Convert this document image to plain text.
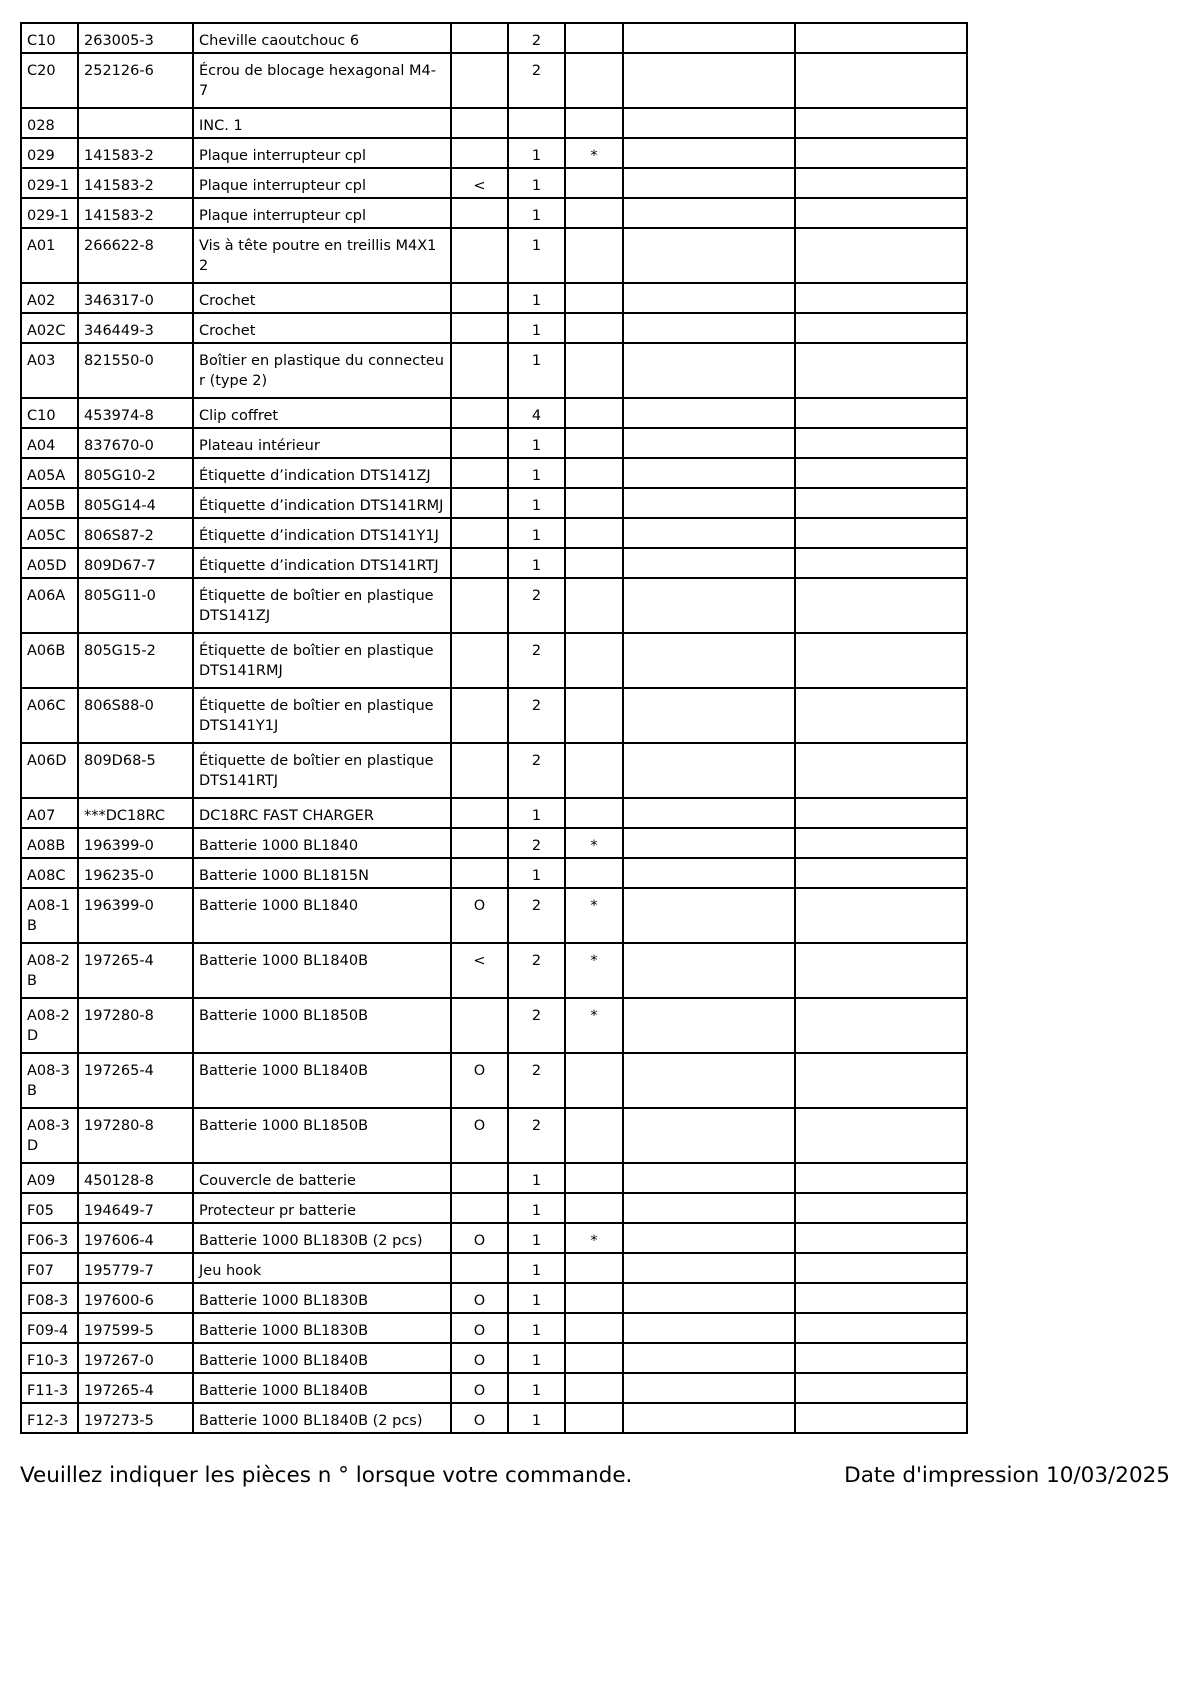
C10	263005-3	Cheville caoutchouc 6		2			
C20	252126-6	Écrou de blocage hexagonal M4-7		2			
028		INC. 1					
029	141583-2	Plaque interrupteur cpl		1	*		
029-1	141583-2	Plaque interrupteur cpl	<	1			
029-1	141583-2	Plaque interrupteur cpl		1			
A01	266622-8	Vis à tête poutre en treillis M4X12		1			
A02	346317-0	Crochet		1			
A02C	346449-3	Crochet		1			
A03	821550-0	Boîtier en plastique du connecteur (type 2)		1			
C10	453974-8	Clip coffret		4			
A04	837670-0	Plateau intérieur		1			
A05A	805G10-2	Étiquette d’indication DTS141ZJ		1			
A05B	805G14-4	Étiquette d’indication DTS141RMJ		1			
A05C	806S87-2	Étiquette d’indication DTS141Y1J		1			
A05D	809D67-7	Étiquette d’indication DTS141RTJ		1			
A06A	805G11-0	Étiquette de boîtier en plastique DTS141ZJ		2			
A06B	805G15-2	Étiquette de boîtier en plastique DTS141RMJ		2			
A06C	806S88-0	Étiquette de boîtier en plastique DTS141Y1J		2			
A06D	809D68-5	Étiquette de boîtier en plastique DTS141RTJ		2			
A07	***DC18RC	DC18RC FAST CHARGER		1			
A08B	196399-0	Batterie 1000 BL1840		2	*		
A08C	196235-0	Batterie 1000 BL1815N		1			
A08-1B	196399-0	Batterie 1000 BL1840	O	2	*		
A08-2B	197265-4	Batterie 1000 BL1840B	<	2	*		
A08-2D	197280-8	Batterie 1000 BL1850B		2	*		
A08-3B	197265-4	Batterie 1000 BL1840B	O	2			
A08-3D	197280-8	Batterie 1000 BL1850B	O	2			
A09	450128-8	Couvercle de batterie		1			
F05	194649-7	Protecteur pr batterie		1			
F06-3	197606-4	Batterie 1000 BL1830B (2 pcs)	O	1	*		
F07	195779-7	Jeu hook		1			
F08-3	197600-6	Batterie 1000 BL1830B	O	1			
F09-4	197599-5	Batterie 1000 BL1830B	O	1			
F10-3	197267-0	Batterie 1000 BL1840B	O	1			
F11-3	197265-4	Batterie 1000 BL1840B	O	1			
F12-3	197273-5	Batterie 1000 BL1840B (2 pcs)	O	1			
Veuillez indiquer les pièces n ° lorsque votre commande.	Date d'impression 10/03/2025
